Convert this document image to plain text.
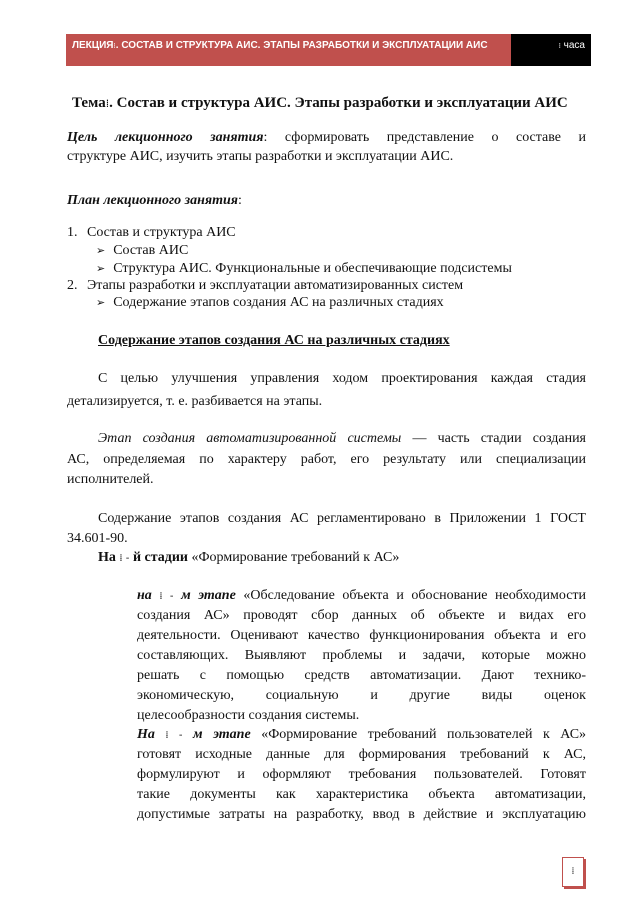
ЛЕКЦИЯ⁞. СОСТАВ И СТРУКТУРА АИС. ЭТАПЫ РАЗРАБОТКИ И ЭКСПЛУАТАЦИИ АИС	⁞ часа
Тема⁞. Состав и структура АИС. Этапы разработки и эксплуатации АИС
Цель лекционного занятия: сформировать представление о составе и
структуре АИС, изучить этапы разработки и эксплуатации АИС.
План лекционного занятия:
1. Состав и структура АИС
➢ Состав АИС
➢ Структура АИС. Функциональные и обеспечивающие подсистемы
2. Этапы разработки и эксплуатации автоматизированных систем
➢ Содержание этапов создания АС на различных стадиях
Содержание этапов создания АС на различных стадиях
С целью улучшения управления ходом проектирования каждая стадия
детализируется, т. е. разбивается на этапы.
Этап создания автоматизированной системы — часть стадии создания
АС, определяемая по характеру работ, его результату или специализации
исполнителей.
Содержание этапов создания АС регламентировано в Приложении 1 ГОСТ
34.601-90.
На ⁞ - й стадии «Формирование требований к АС»
на ⁞ - м этапе «Обследование объекта и обоснование необходимости
создания АС» проводят сбор данных об объекте и видах его
деятельности. Оценивают качество функционирования объекта и его
составляющих. Выявляют проблемы и задачи, которые можно
решать с помощью средств автоматизации. Дают технико-
экономическую, социальную и другие виды оценок
целесообразности создания системы.
На ⁞ - м этапе «Формирование требований пользователей к АС»
готовят исходные данные для формирования требований к АС,
формулируют и оформляют требования пользователей. Готовят
такие документы как характеристика объекта автоматизации,
допустимые затраты на разработку, ввод в действие и эксплуатацию
⁞
